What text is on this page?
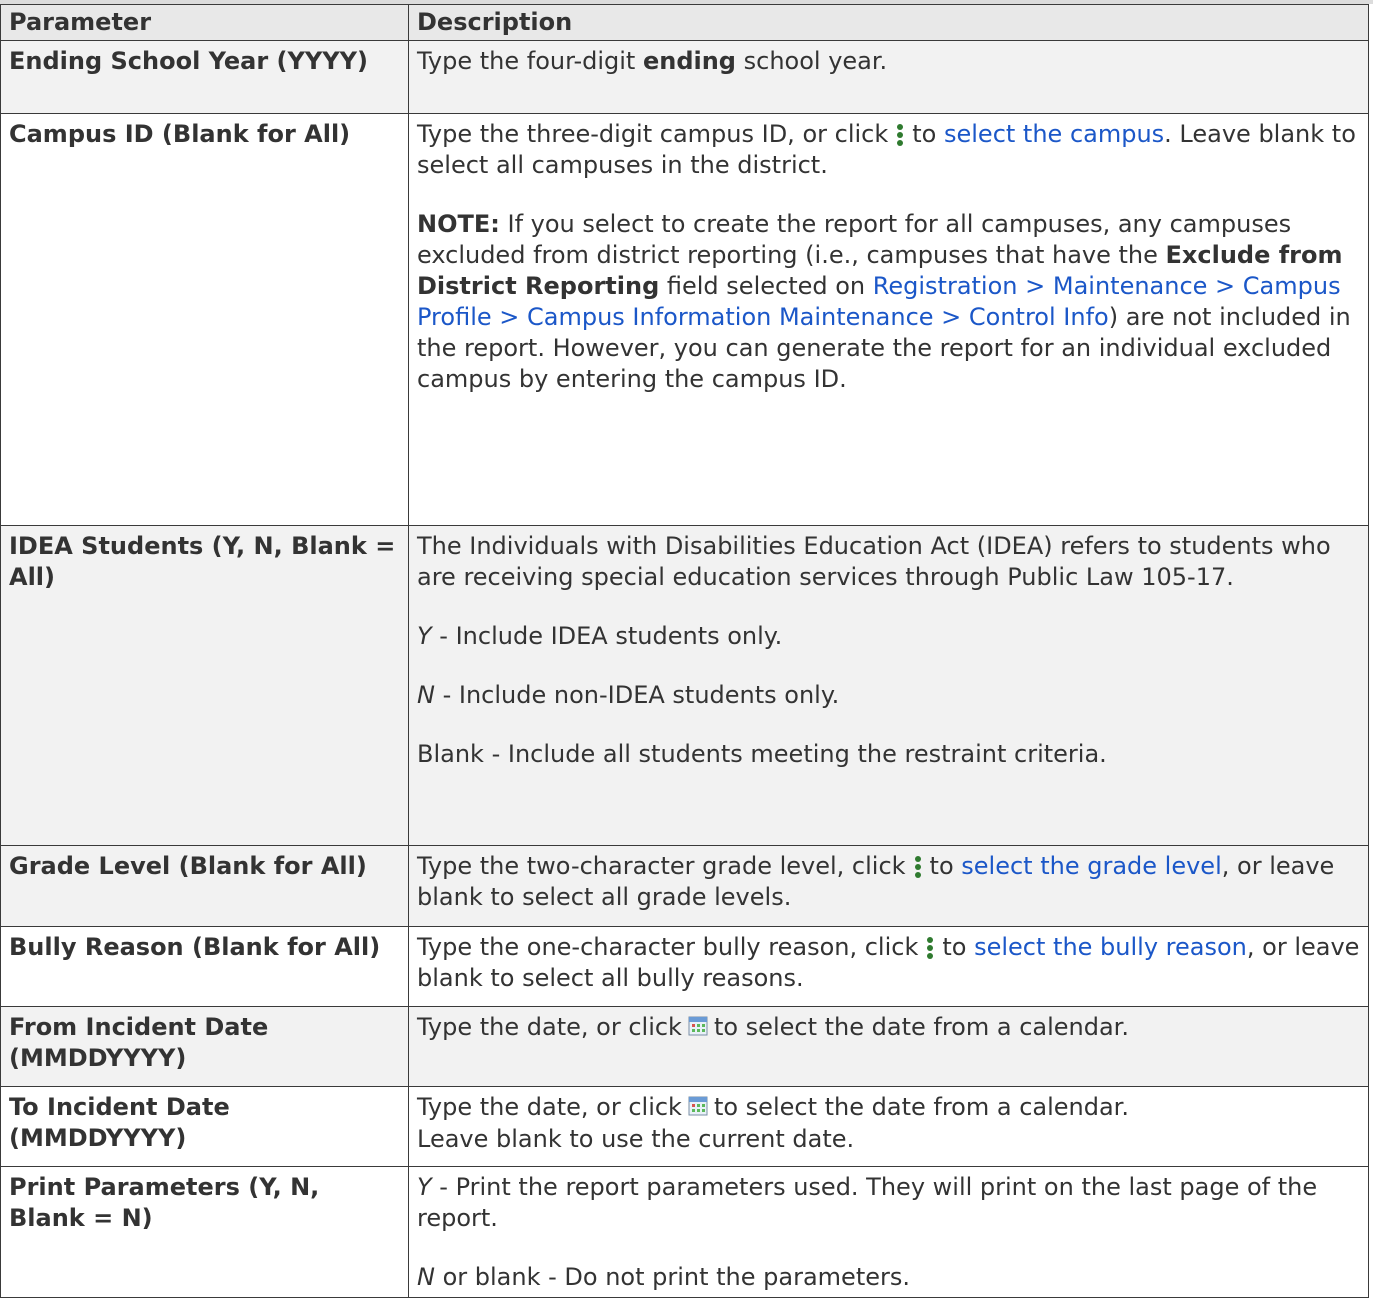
Parameter	Description
Ending School Year (YYYY)	Type the four-digit ending school year.
Campus ID (Blank for All)	Type the three-digit campus ID, or click to select the campus. Leave blank to select all campuses in the district.

NOTE: If you select to create the report for all campuses, any campuses excluded from district reporting (i.e., campuses that have the Exclude from District Reporting field selected on Registration > Maintenance > Campus Profile > Campus Information Maintenance > Control Info) are not included in the report. However, you can generate the report for an individual excluded campus by entering the campus ID.

IDEA Students (Y, N, Blank = All)	The Individuals with Disabilities Education Act (IDEA) refers to students who are receiving special education services through Public Law 105-17.

Y - Include IDEA students only.

N - Include non-IDEA students only.

Blank - Include all students meeting the restraint criteria.

Grade Level (Blank for All)	Type the two-character grade level, click to select the grade level, or leave blank to select all grade levels.
Bully Reason (Blank for All)	Type the one-character bully reason, click to select the bully reason, or leave blank to select all bully reasons.
From Incident Date (MMDDYYYY)	Type the date, or click to select the date from a calendar.
To Incident Date (MMDDYYYY)	Type the date, or click to select the date from a calendar.
Leave blank to use the current date.
Print Parameters (Y, N, Blank = N)	Y - Print the report parameters used. They will print on the last page of the report.

N or blank - Do not print the parameters.
